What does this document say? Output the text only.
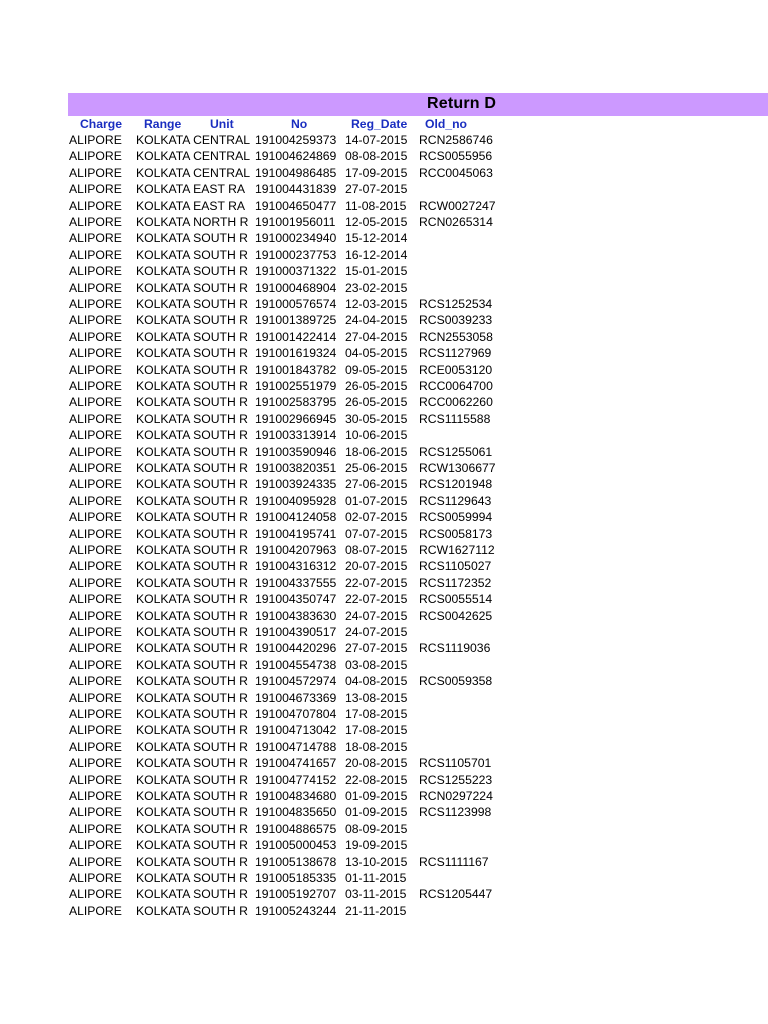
Return D
Charge Range Unit	No	Reg_Date Old_no
ALIPORE KOLKATA CENTRAL 191004259373 14-07-2015 RCN2586746
ALIPORE KOLKATA CENTRAL 191004624869 08-08-2015 RCS0055956
ALIPORE KOLKATA CENTRAL 191004986485 17-09-2015 RCC0045063
ALIPORE KOLKATA EAST RA 191004431839 27-07-2015
ALIPORE KOLKATA EAST RA 191004650477 11-08-2015 RCW0027247
ALIPORE KOLKATA NORTH R 191001956011 12-05-2015 RCN0265314
ALIPORE KOLKATA SOUTH R 191000234940 15-12-2014
ALIPORE KOLKATA SOUTH R 191000237753 16-12-2014
ALIPORE KOLKATA SOUTH R 191000371322 15-01-2015
ALIPORE KOLKATA SOUTH R 191000468904 23-02-2015
ALIPORE KOLKATA SOUTH R 191000576574 12-03-2015 RCS1252534
ALIPORE KOLKATA SOUTH R 191001389725 24-04-2015 RCS0039233
ALIPORE KOLKATA SOUTH R 191001422414 27-04-2015 RCN2553058
ALIPORE KOLKATA SOUTH R 191001619324 04-05-2015 RCS1127969
ALIPORE KOLKATA SOUTH R 191001843782 09-05-2015 RCE0053120
ALIPORE KOLKATA SOUTH R 191002551979 26-05-2015 RCC0064700
ALIPORE KOLKATA SOUTH R 191002583795 26-05-2015 RCC0062260
ALIPORE KOLKATA SOUTH R 191002966945 30-05-2015 RCS1115588
ALIPORE KOLKATA SOUTH R 191003313914 10-06-2015
ALIPORE KOLKATA SOUTH R 191003590946 18-06-2015 RCS1255061
ALIPORE KOLKATA SOUTH R 191003820351 25-06-2015 RCW1306677
ALIPORE KOLKATA SOUTH R 191003924335 27-06-2015 RCS1201948
ALIPORE KOLKATA SOUTH R 191004095928 01-07-2015 RCS1129643
ALIPORE KOLKATA SOUTH R 191004124058 02-07-2015 RCS0059994
ALIPORE KOLKATA SOUTH R 191004195741 07-07-2015 RCS0058173
ALIPORE KOLKATA SOUTH R 191004207963 08-07-2015 RCW1627112
ALIPORE KOLKATA SOUTH R 191004316312 20-07-2015 RCS1105027
ALIPORE KOLKATA SOUTH R 191004337555 22-07-2015 RCS1172352
ALIPORE KOLKATA SOUTH R 191004350747 22-07-2015 RCS0055514
ALIPORE KOLKATA SOUTH R 191004383630 24-07-2015 RCS0042625
ALIPORE KOLKATA SOUTH R 191004390517 24-07-2015
ALIPORE KOLKATA SOUTH R 191004420296 27-07-2015 RCS1119036
ALIPORE KOLKATA SOUTH R 191004554738 03-08-2015
ALIPORE KOLKATA SOUTH R 191004572974 04-08-2015 RCS0059358
ALIPORE KOLKATA SOUTH R 191004673369 13-08-2015
ALIPORE KOLKATA SOUTH R 191004707804 17-08-2015
ALIPORE KOLKATA SOUTH R 191004713042 17-08-2015
ALIPORE KOLKATA SOUTH R 191004714788 18-08-2015
ALIPORE KOLKATA SOUTH R 191004741657 20-08-2015 RCS1105701
ALIPORE KOLKATA SOUTH R 191004774152 22-08-2015 RCS1255223
ALIPORE KOLKATA SOUTH R 191004834680 01-09-2015 RCN0297224
ALIPORE KOLKATA SOUTH R 191004835650 01-09-2015 RCS1123998
ALIPORE KOLKATA SOUTH R 191004886575 08-09-2015
ALIPORE KOLKATA SOUTH R 191005000453 19-09-2015
ALIPORE KOLKATA SOUTH R 191005138678 13-10-2015 RCS1111167
ALIPORE KOLKATA SOUTH R 191005185335 01-11-2015
ALIPORE KOLKATA SOUTH R 191005192707 03-11-2015 RCS1205447
ALIPORE KOLKATA SOUTH R 191005243244 21-11-2015
